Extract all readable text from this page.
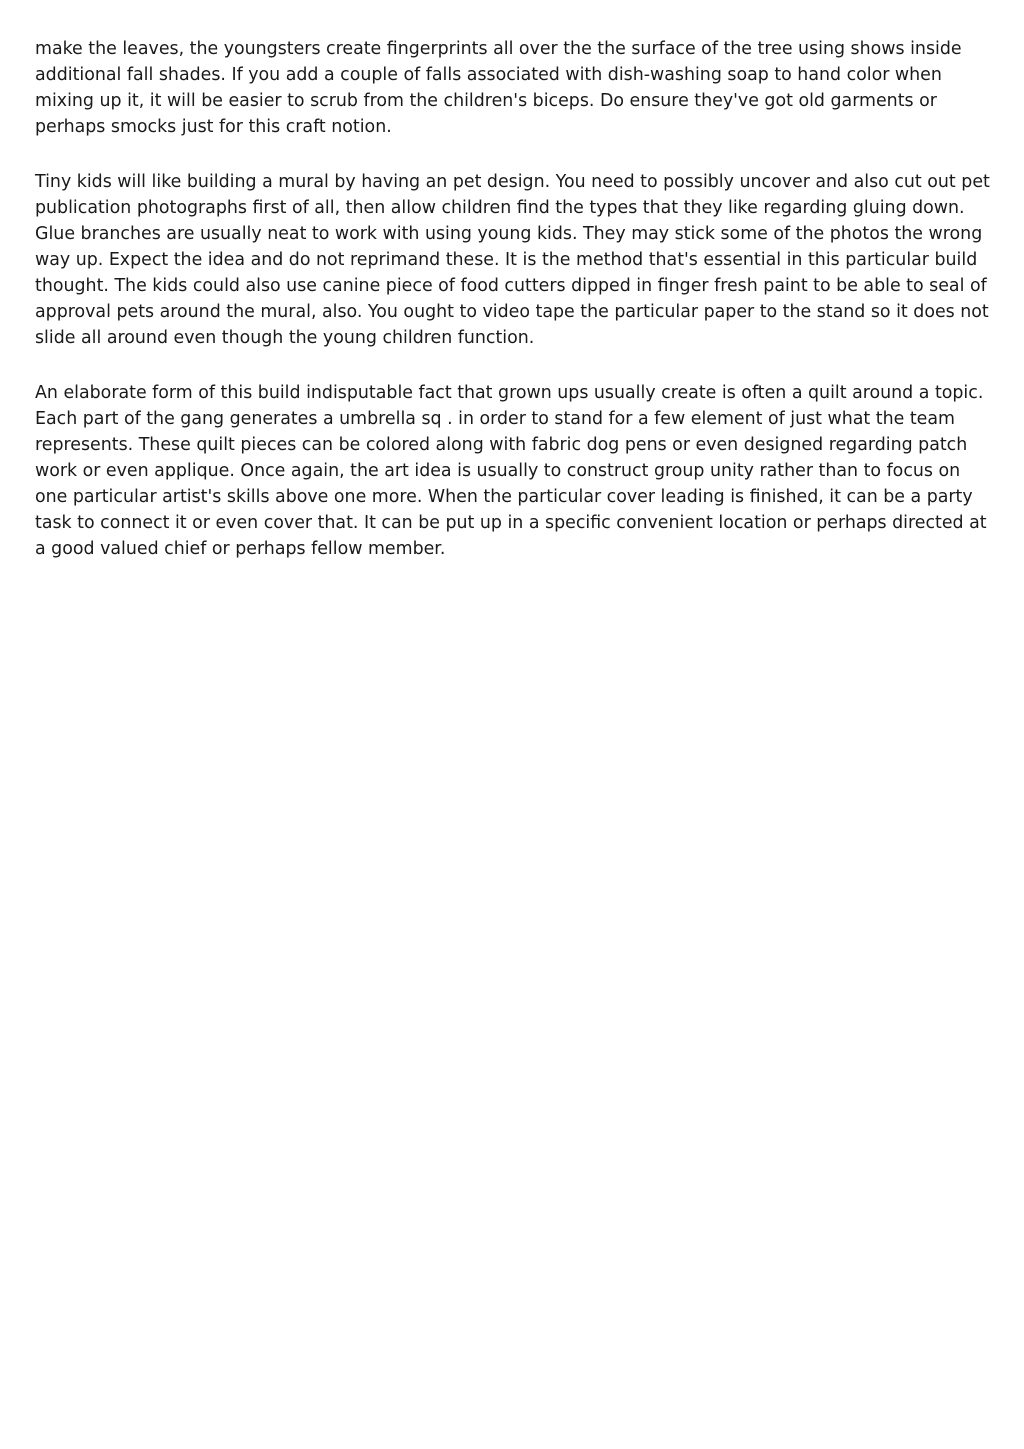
make the leaves, the youngsters create fingerprints all over the the surface of the tree using shows inside additional fall shades. If you add a couple of falls associated with dish-washing soap to hand color when mixing up it, it will be easier to scrub from the children's biceps. Do ensure they've got old garments or perhaps smocks just for this craft notion.

Tiny kids will like building a mural by having an pet design. You need to possibly uncover and also cut out pet publication photographs first of all, then allow children find the types that they like regarding gluing down. Glue branches are usually neat to work with using young kids. They may stick some of the photos the wrong way up. Expect the idea and do not reprimand these. It is the method that's essential in this particular build thought. The kids could also use canine piece of food cutters dipped in finger fresh paint to be able to seal of approval pets around the mural, also. You ought to video tape the particular paper to the stand so it does not slide all around even though the young children function.

An elaborate form of this build indisputable fact that grown ups usually create is often a quilt around a topic. Each part of the gang generates a umbrella sq . in order to stand for a few element of just what the team represents. These quilt pieces can be colored along with fabric dog pens or even designed regarding patch work or even applique. Once again, the art idea is usually to construct group unity rather than to focus on one particular artist's skills above one more. When the particular cover leading is finished, it can be a party task to connect it or even cover that. It can be put up in a specific convenient location or perhaps directed at a good valued chief or perhaps fellow member.
